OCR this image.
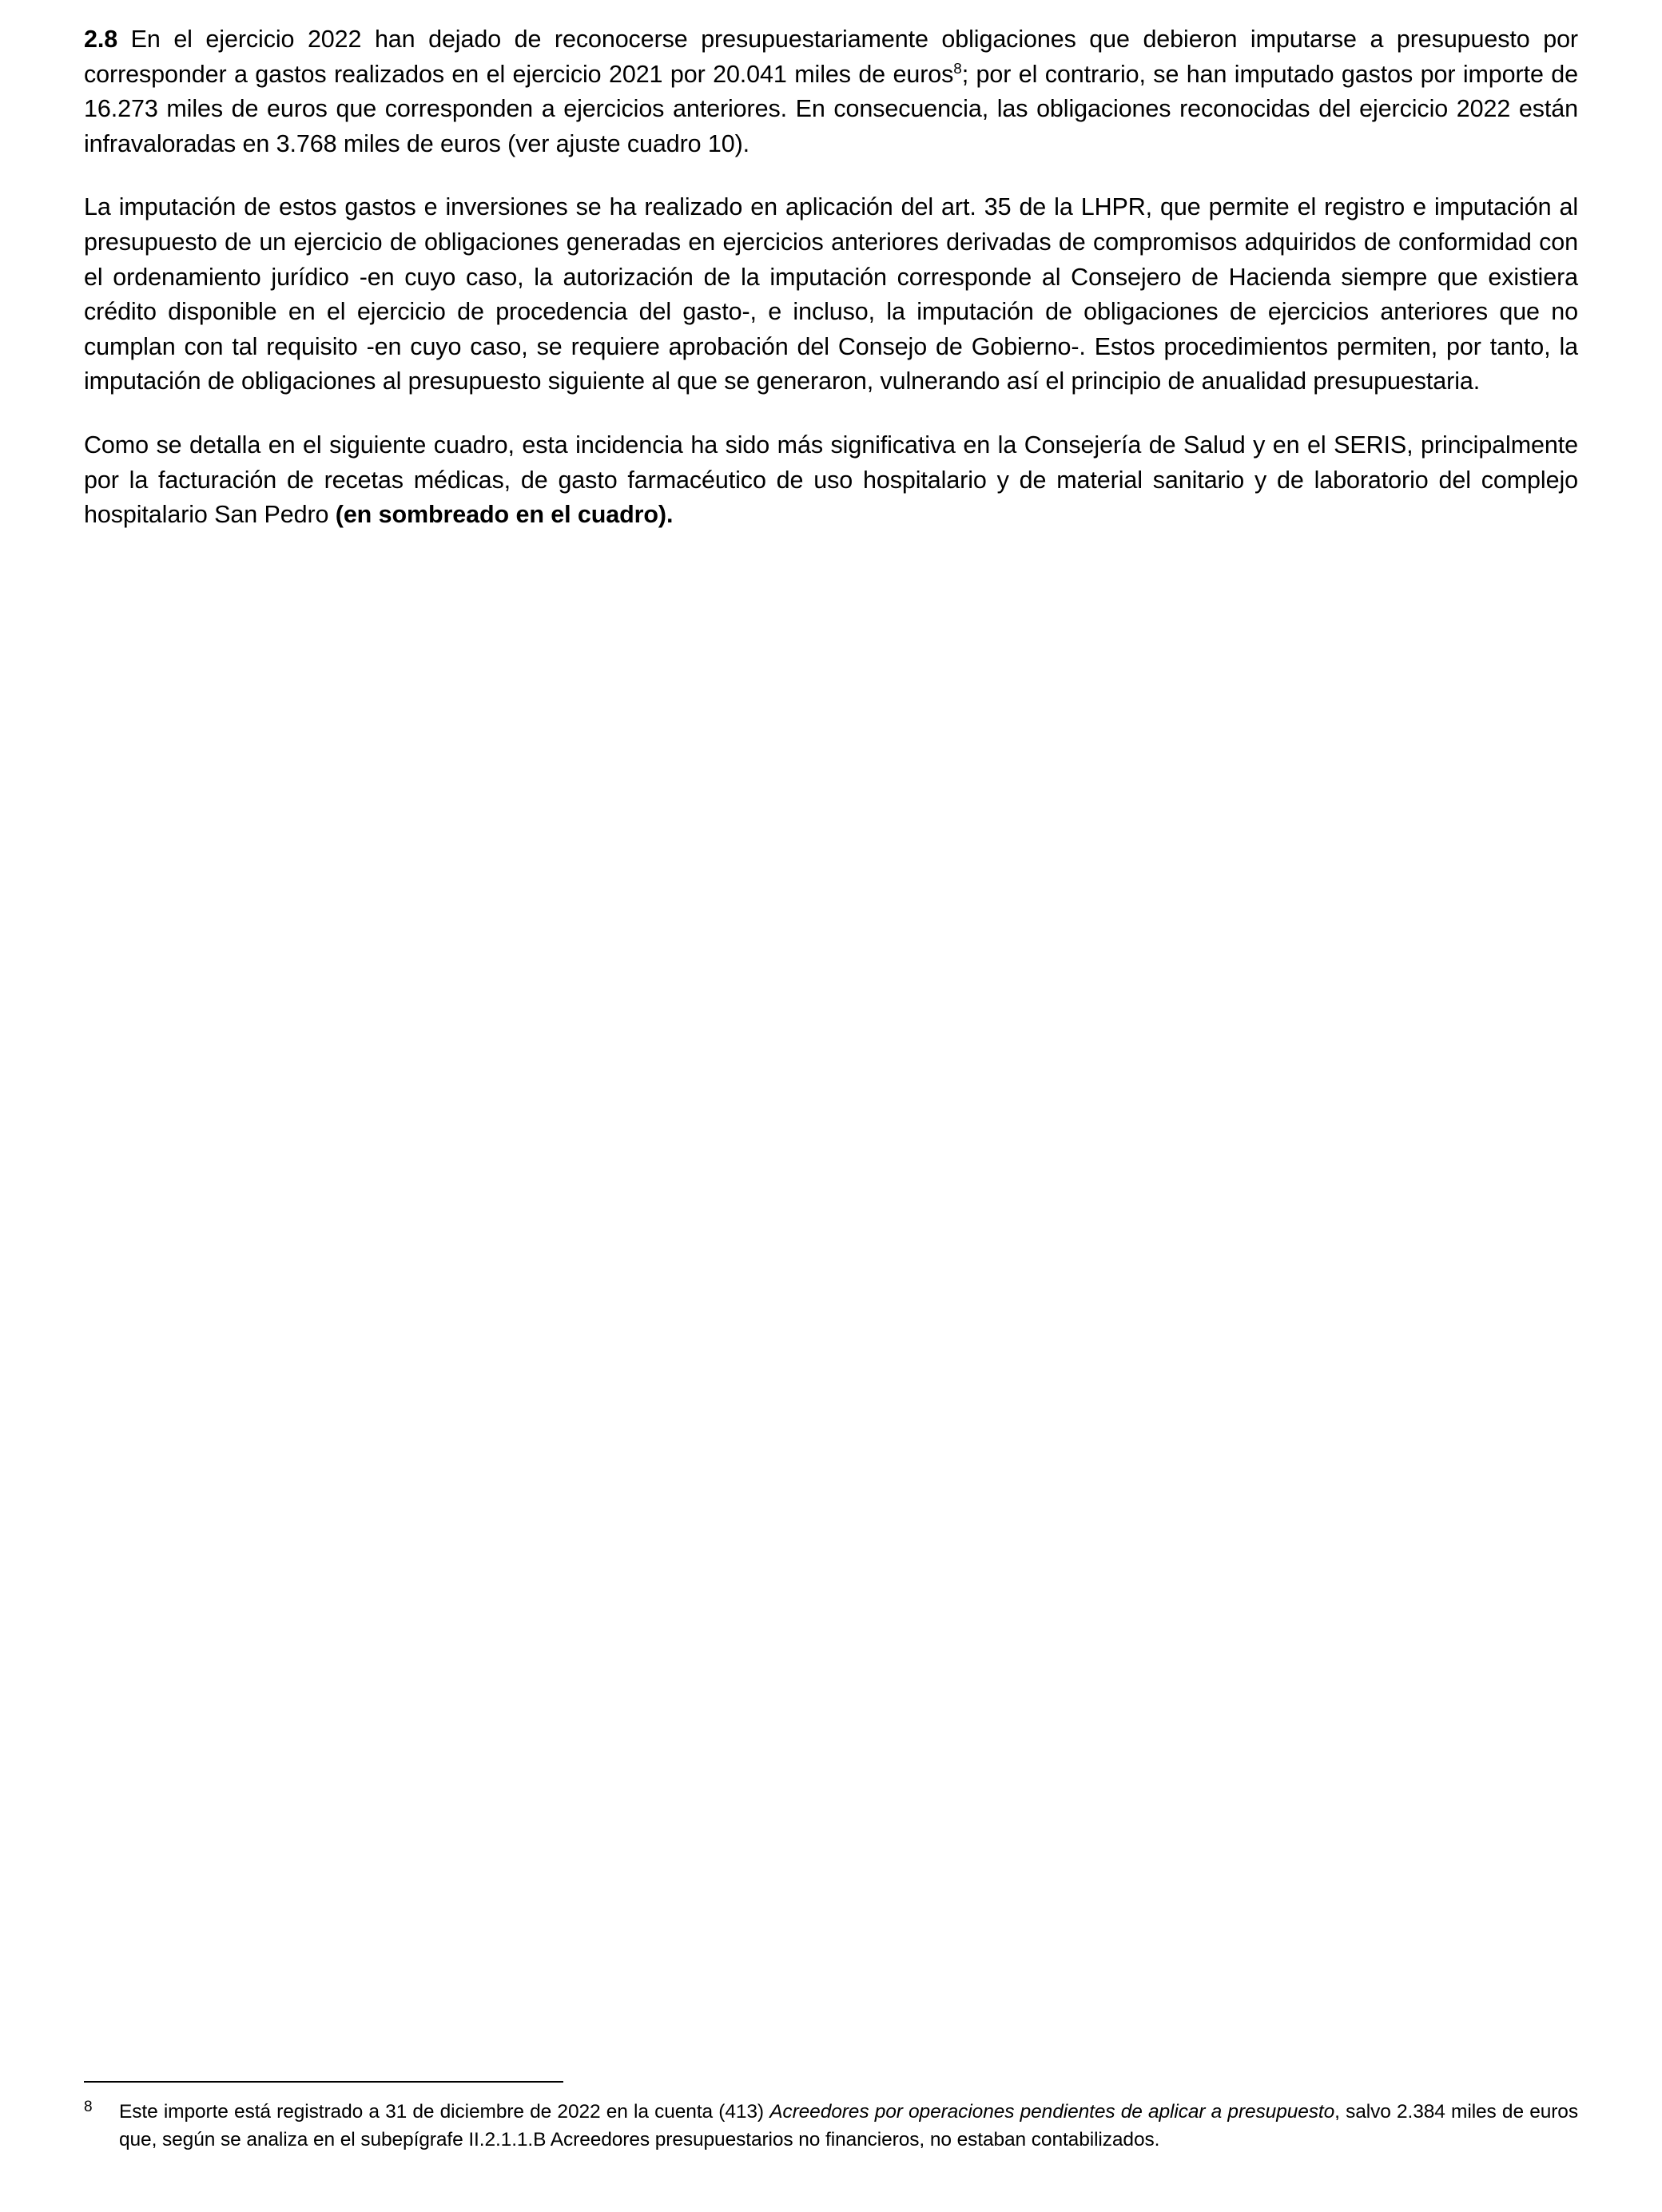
2.8 En el ejercicio 2022 han dejado de reconocerse presupuestariamente obligaciones que debieron imputarse a presupuesto por corresponder a gastos realizados en el ejercicio 2021 por 20.041 miles de euros$^8$; por el contrario, se han imputado gastos por importe de 16.273 miles de euros que corresponden a ejercicios anteriores. En consecuencia, las obligaciones reconocidas del ejercicio 2022 están infravaloradas en 3.768 miles de euros (ver ajuste cuadro 10).

La imputación de estos gastos e inversiones se ha realizado en aplicación del art. 35 de la LHPR, que permite el registro e imputación al presupuesto de un ejercicio de obligaciones generadas en ejercicios anteriores derivadas de compromisos adquiridos de conformidad con el ordenamiento jurídico -en cuyo caso, la autorización de la imputación corresponde al Consejero de Hacienda siempre que existiera crédito disponible en el ejercicio de procedencia del gasto-, e incluso, la imputación de obligaciones de ejercicios anteriores que no cumplan con tal requisito -en cuyo caso, se requiere aprobación del Consejo de Gobierno-. Estos procedimientos permiten, por tanto, la imputación de obligaciones al presupuesto siguiente al que se generaron, vulnerando así el principio de anualidad presupuestaria.

Como se detalla en el siguiente cuadro, esta incidencia ha sido más significativa en la Consejería de Salud y en el SERIS, principalmente por la facturación de recetas médicas, de gasto farmacéutico de uso hospitalario y de material sanitario y de laboratorio del complejo hospitalario San Pedro (en sombreado en el cuadro).

8 Este importe está registrado a 31 de diciembre de 2022 en la cuenta (413) Acreedores por operaciones pendientes de aplicar a presupuesto, salvo 2.384 miles de euros que, según se analiza en el subepígrafe II.2.1.1.B Acreedores presupuestarios no financieros, no estaban contabilizados.
